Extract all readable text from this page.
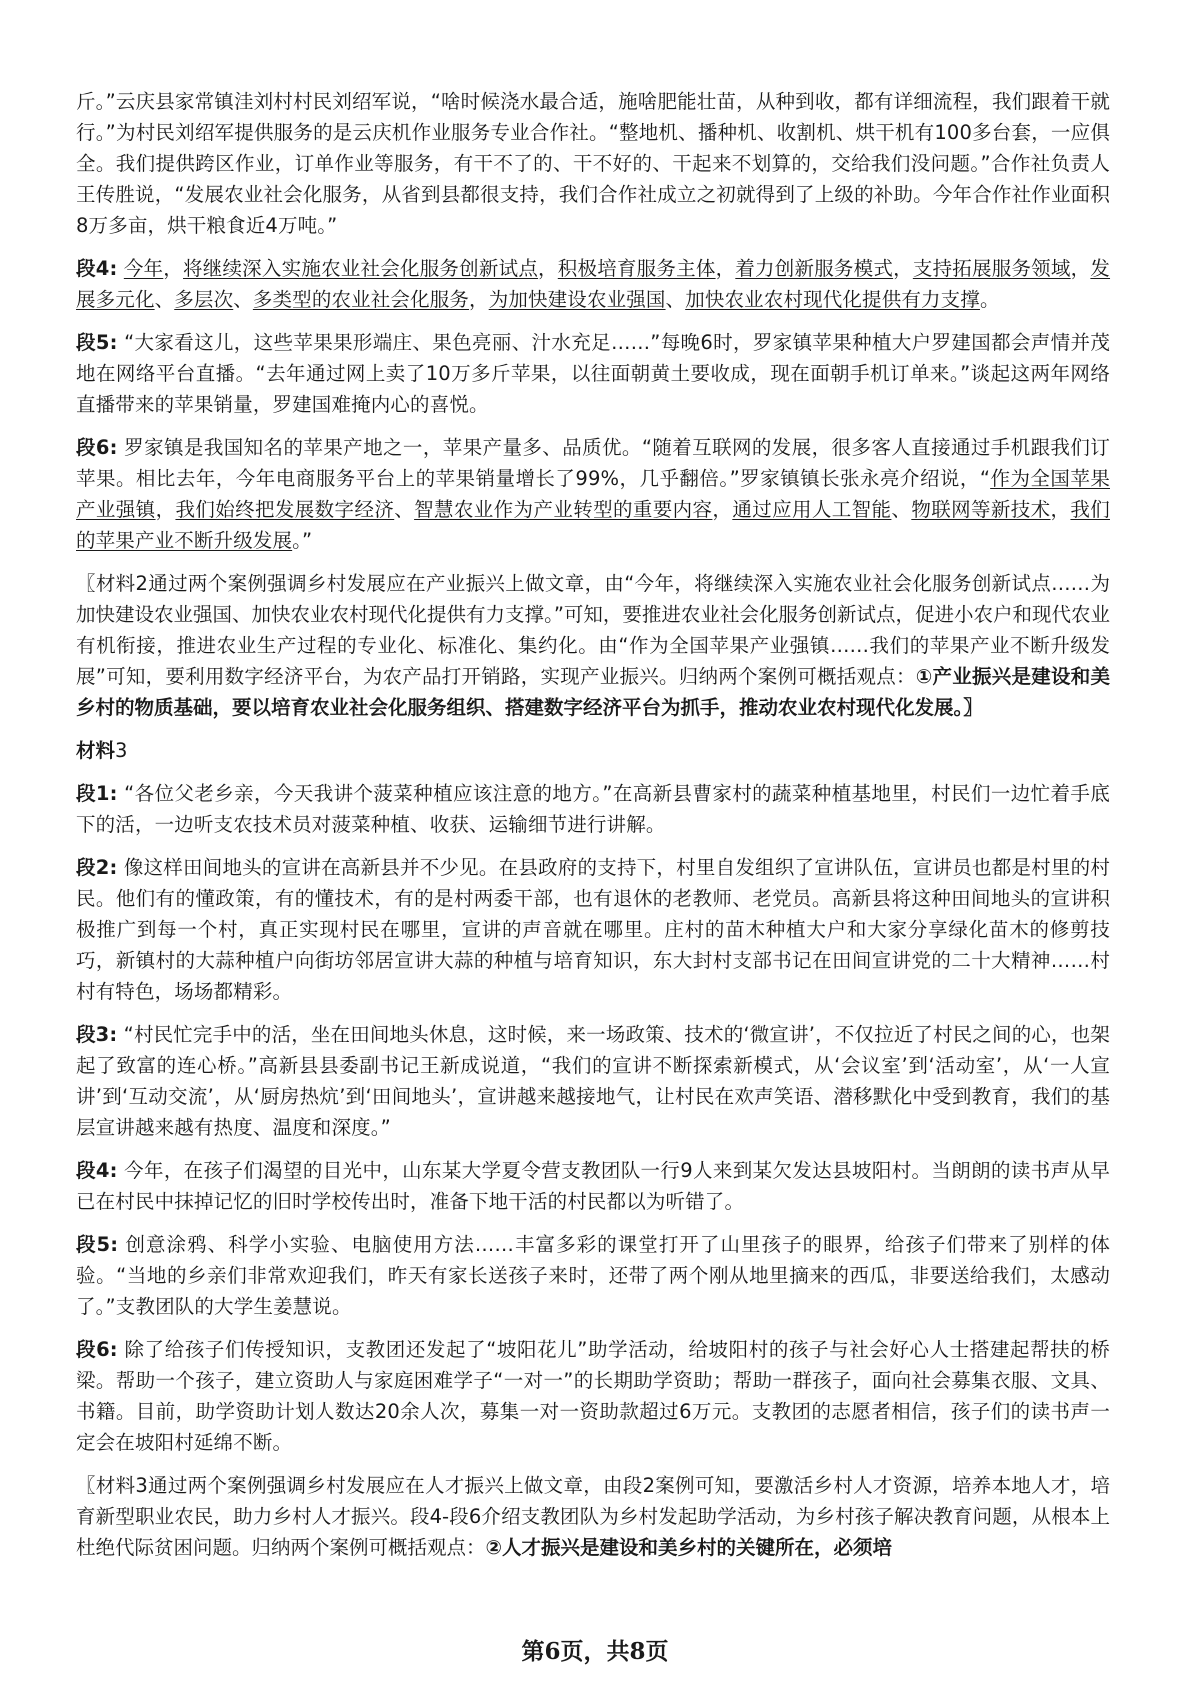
斤。”云庆县家常镇洼刘村村民刘绍军说，“啥时候浇水最合适，施啥肥能壮苗，从种到收，都有详细流程，我们跟着干就行。”为村民刘绍军提供服务的是云庆机作业服务专业合作社。“整地机、播种机、收割机、烘干机有100多台套，一应俱全。我们提供跨区作业，订单作业等服务，有干不了的、干不好的、干起来不划算的，交给我们没问题。”合作社负责人王传胜说，“发展农业社会化服务，从省到县都很支持，我们合作社成立之初就得到了上级的补助。今年合作社作业面积8万多亩，烘干粮食近4万吨。”

段4: 今年，将继续深入实施农业社会化服务创新试点，积极培育服务主体，着力创新服务模式，支持拓展服务领域，发展多元化、多层次、多类型的农业社会化服务，为加快建设农业强国、加快农业农村现代化提供有力支撑。

段5: “大家看这儿，这些苹果果形端庄、果色亮丽、汁水充足……”每晚6时，罗家镇苹果种植大户罗建国都会声情并茂地在网络平台直播。“去年通过网上卖了10万多斤苹果，以往面朝黄土要收成，现在面朝手机订单来。”谈起这两年网络直播带来的苹果销量，罗建国难掩内心的喜悦。

段6: 罗家镇是我国知名的苹果产地之一，苹果产量多、品质优。“随着互联网的发展，很多客人直接通过手机跟我们订苹果。相比去年，今年电商服务平台上的苹果销量增长了99%，几乎翻倍。”罗家镇镇长张永亮介绍说，“作为全国苹果产业强镇，我们始终把发展数字经济、智慧农业作为产业转型的重要内容，通过应用人工智能、物联网等新技术，我们的苹果产业不断升级发展。”

〖材料2通过两个案例强调乡村发展应在产业振兴上做文章，由“今年，将继续深入实施农业社会化服务创新试点……为加快建设农业强国、加快农业农村现代化提供有力支撑。”可知，要推进农业社会化服务创新试点，促进小农户和现代农业有机衔接，推进农业生产过程的专业化、标准化、集约化。由“作为全国苹果产业强镇……我们的苹果产业不断升级发展”可知，要利用数字经济平台，为农产品打开销路，实现产业振兴。归纳两个案例可概括观点：①产业振兴是建设和美乡村的物质基础，要以培育农业社会化服务组织、搭建数字经济平台为抓手，推动农业农村现代化发展。〗

材料3

段1: “各位父老乡亲，今天我讲个菠菜种植应该注意的地方。”在高新县曹家村的蔬菜种植基地里，村民们一边忙着手底下的活，一边听支农技术员对菠菜种植、收获、运输细节进行讲解。

段2: 像这样田间地头的宣讲在高新县并不少见。在县政府的支持下，村里自发组织了宣讲队伍，宣讲员也都是村里的村民。他们有的懂政策，有的懂技术，有的是村两委干部，也有退休的老教师、老党员。高新县将这种田间地头的宣讲积极推广到每一个村，真正实现村民在哪里，宣讲的声音就在哪里。庄村的苗木种植大户和大家分享绿化苗木的修剪技巧，新镇村的大蒜种植户向街坊邻居宣讲大蒜的种植与培育知识，东大封村支部书记在田间宣讲党的二十大精神……村村有特色，场场都精彩。

段3: “村民忙完手中的活，坐在田间地头休息，这时候，来一场政策、技术的‘微宣讲’，不仅拉近了村民之间的心，也架起了致富的连心桥。”高新县县委副书记王新成说道，“我们的宣讲不断探索新模式，从‘会议室’到‘活动室’，从‘一人宣讲’到‘互动交流’，从‘厨房热炕’到‘田间地头’，宣讲越来越接地气，让村民在欢声笑语、潜移默化中受到教育，我们的基层宣讲越来越有热度、温度和深度。”

段4: 今年，在孩子们渴望的目光中，山东某大学夏令营支教团队一行9人来到某欠发达县坡阳村。当朗朗的读书声从早已在村民中抹掉记忆的旧时学校传出时，准备下地干活的村民都以为听错了。

段5: 创意涂鸦、科学小实验、电脑使用方法……丰富多彩的课堂打开了山里孩子的眼界，给孩子们带来了别样的体验。“当地的乡亲们非常欢迎我们，昨天有家长送孩子来时，还带了两个刚从地里摘来的西瓜，非要送给我们，太感动了。”支教团队的大学生姜慧说。

段6: 除了给孩子们传授知识，支教团还发起了“坡阳花儿”助学活动，给坡阳村的孩子与社会好心人士搭建起帮扶的桥梁。帮助一个孩子，建立资助人与家庭困难学子“一对一”的长期助学资助；帮助一群孩子，面向社会募集衣服、文具、书籍。目前，助学资助计划人数达20余人次，募集一对一资助款超过6万元。支教团的志愿者相信，孩子们的读书声一定会在坡阳村延绵不断。

〖材料3通过两个案例强调乡村发展应在人才振兴上做文章，由段2案例可知，要激活乡村人才资源，培养本地人才，培育新型职业农民，助力乡村人才振兴。段4-段6介绍支教团队为乡村发起助学活动，为乡村孩子解决教育问题，从根本上杜绝代际贫困问题。归纳两个案例可概括观点：②人才振兴是建设和美乡村的关键所在，必须培

第6页，共8页
